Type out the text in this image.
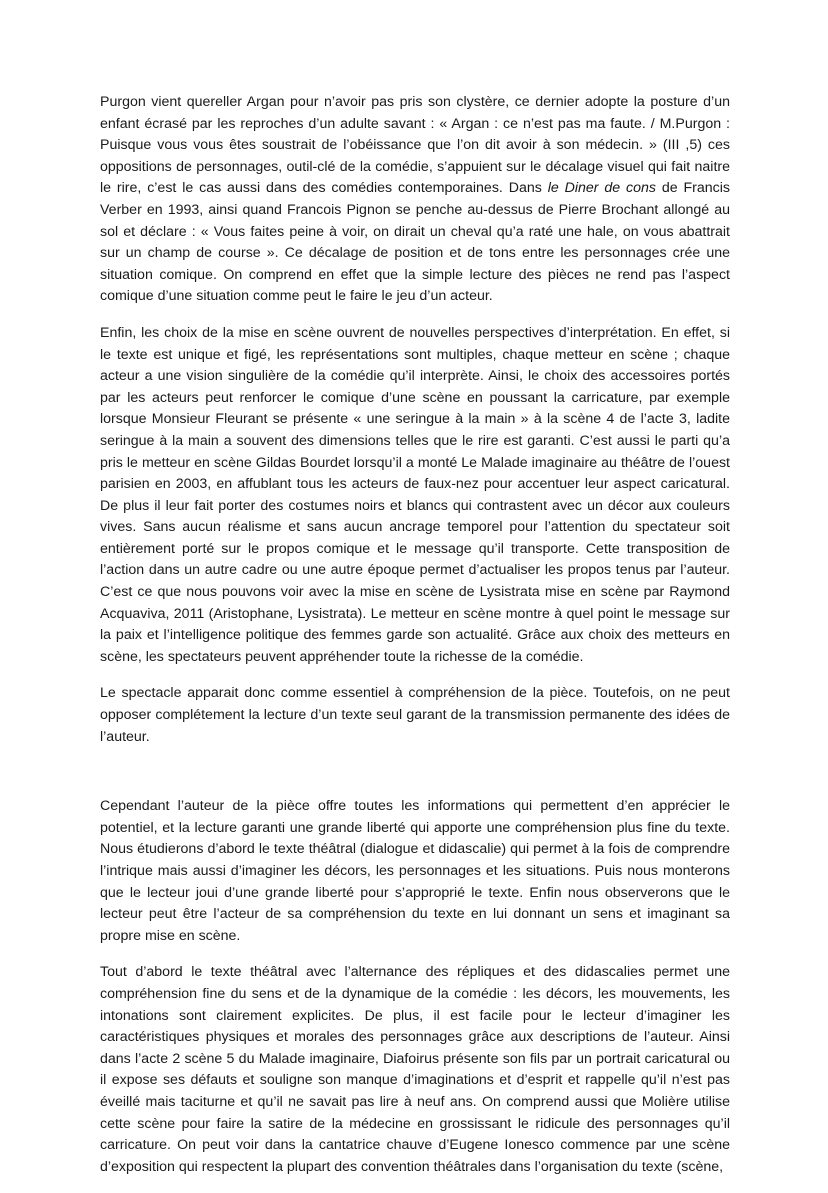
Purgon vient quereller Argan pour n’avoir pas pris son clystère, ce dernier adopte la posture d’un enfant écrasé par les reproches d’un adulte savant : « Argan : ce n’est pas ma faute. / M.Purgon : Puisque vous vous êtes soustrait de l’obéissance que l’on dit avoir à son médecin. » (III ,5) ces oppositions de personnages, outil-clé de la comédie, s’appuient sur le décalage visuel qui fait naitre le rire, c’est le cas aussi dans des comédies contemporaines. Dans le Diner de cons de Francis Verber en 1993, ainsi quand Francois Pignon se penche au-dessus de Pierre Brochant allongé au sol et déclare : « Vous faites peine à voir, on dirait un cheval qu’a raté une hale, on vous abattrait sur un champ de course ». Ce décalage de position et de tons entre les personnages crée une situation comique. On comprend en effet que la simple lecture des pièces ne rend pas l’aspect comique d’une situation comme peut le faire le jeu d’un acteur.

Enfin, les choix de la mise en scène ouvrent de nouvelles perspectives d’interprétation. En effet, si le texte est unique et figé, les représentations sont multiples, chaque metteur en scène ; chaque acteur a une vision singulière de la comédie qu’il interprète. Ainsi, le choix des accessoires portés par les acteurs peut renforcer le comique d’une scène en poussant la carricature, par exemple lorsque Monsieur Fleurant se présente « une seringue à la main » à la scène 4 de l’acte 3, ladite seringue à la main a souvent des dimensions telles que le rire est garanti. C’est aussi le parti qu’a pris le metteur en scène Gildas Bourdet lorsqu’il a monté Le Malade imaginaire au théâtre de l’ouest parisien en 2003, en affublant tous les acteurs de faux-nez pour accentuer leur aspect caricatural. De plus il leur fait porter des costumes noirs et blancs qui contrastent avec un décor aux couleurs vives. Sans aucun réalisme et sans aucun ancrage temporel pour l’attention du spectateur soit entièrement porté sur le propos comique et le message qu’il transporte. Cette transposition de l’action dans un autre cadre ou une autre époque permet d’actualiser les propos tenus par l’auteur. C’est ce que nous pouvons voir avec la mise en scène de Lysistrata mise en scène par Raymond Acquaviva, 2011 (Aristophane, Lysistrata). Le metteur en scène montre à quel point le message sur la paix et l’intelligence politique des femmes garde son actualité. Grâce aux choix des metteurs en scène, les spectateurs peuvent appréhender toute la richesse de la comédie.

Le spectacle apparait donc comme essentiel à compréhension de la pièce. Toutefois, on ne peut opposer complétement la lecture d’un texte seul garant de la transmission permanente des idées de l’auteur.

Cependant l’auteur de la pièce offre toutes les informations qui permettent d’en apprécier le potentiel, et la lecture garanti une grande liberté qui apporte une compréhension plus fine du texte. Nous étudierons d’abord le texte théâtral (dialogue et didascalie) qui permet à la fois de comprendre l’intrique mais aussi d’imaginer les décors, les personnages et les situations. Puis nous monterons que le lecteur joui d’une grande liberté pour s’approprié le texte. Enfin nous observerons que le lecteur peut être l’acteur de sa compréhension du texte en lui donnant un sens et imaginant sa propre mise en scène.

Tout d’abord le texte théâtral avec l’alternance des répliques et des didascalies permet une compréhension fine du sens et de la dynamique de la comédie : les décors, les mouvements, les intonations sont clairement explicites. De plus, il est facile pour le lecteur d’imaginer les caractéristiques physiques et morales des personnages grâce aux descriptions de l’auteur. Ainsi dans l’acte 2 scène 5 du Malade imaginaire, Diafoirus présente son fils par un portrait caricatural ou il expose ses défauts et souligne son manque d’imaginations et d’esprit et rappelle qu’il n’est pas éveillé mais taciturne et qu’il ne savait pas lire à neuf ans. On comprend aussi que Molière utilise cette scène pour faire la satire de la médecine en grossissant le ridicule des personnages qu’il carricature. On peut voir dans la cantatrice chauve d’Eugene Ionesco commence par une scène d’exposition qui respectent la plupart des convention théâtrales dans l’organisation du texte (scène,
